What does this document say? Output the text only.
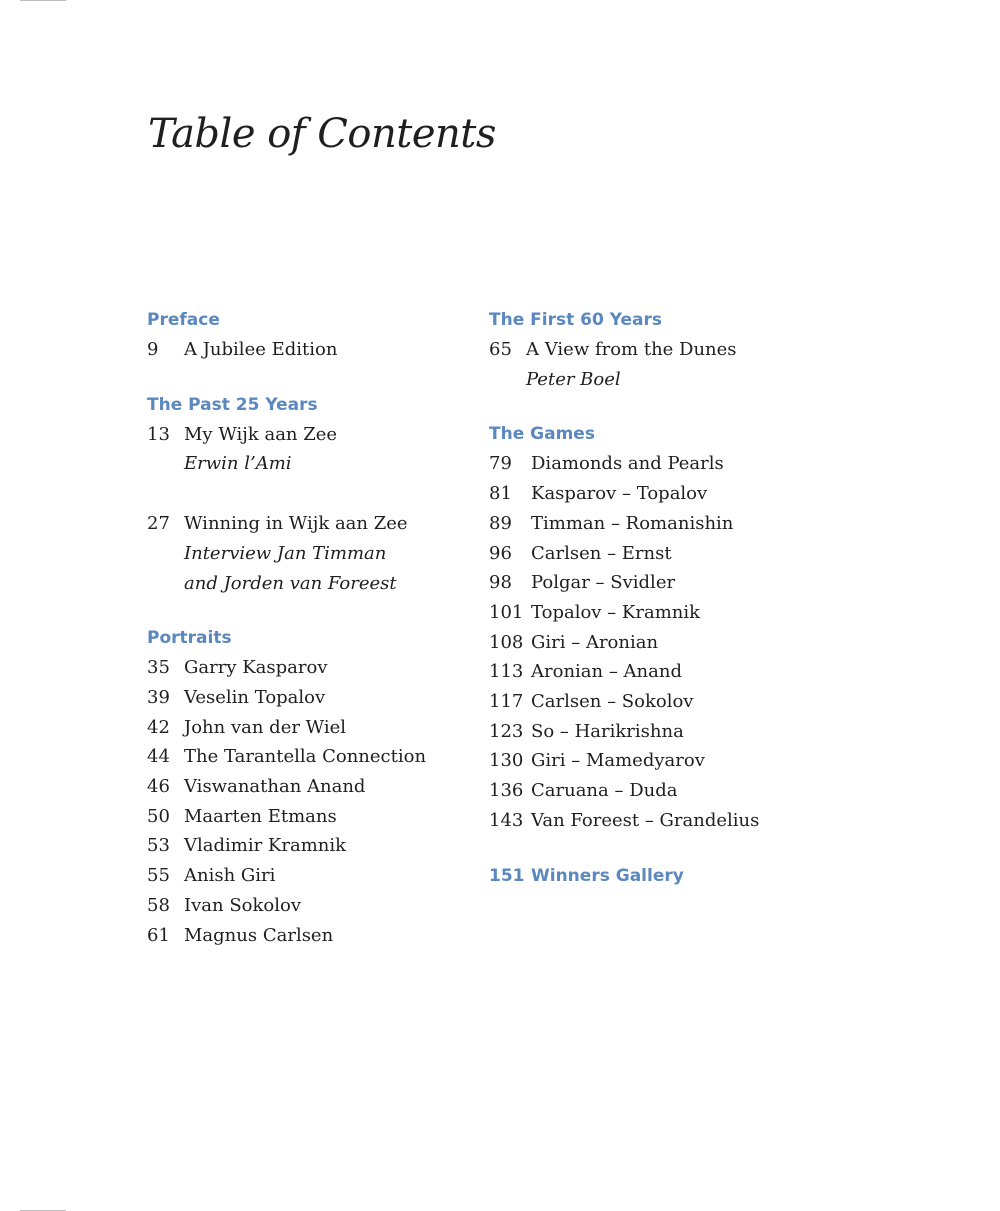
Table of Contents
Preface
9	A Jubilee Edition
The Past 25 Years
13 My Wijk aan Zee
Erwin l’Ami
27 Winning in Wijk aan Zee
Interview Jan Timman
and Jorden van Foreest
Portraits
35 Garry Kasparov
39 Veselin Topalov
42 John van der Wiel
44 The Tarantella Connection
46 Viswanathan Anand
50 Maarten Etmans
53 Vladimir Kramnik
55 Anish Giri
58 Ivan Sokolov
61 Magnus Carlsen
The First 60 Years
65 A View from the Dunes
Peter Boel
The Games
79	Diamonds and Pearls
81	Kasparov – Topalov
89	Timman – Romanishin
96	Carlsen – Ernst
98	Polgar – Svidler
101 Topalov – Kramnik
108 Giri – Aronian
113 Aronian – Anand
117 Carlsen – Sokolov
123 So – Harikrishna
130 Giri – Mamedyarov
136 Caruana – Duda
143 Van Foreest – Grandelius
151 Winners Gallery
